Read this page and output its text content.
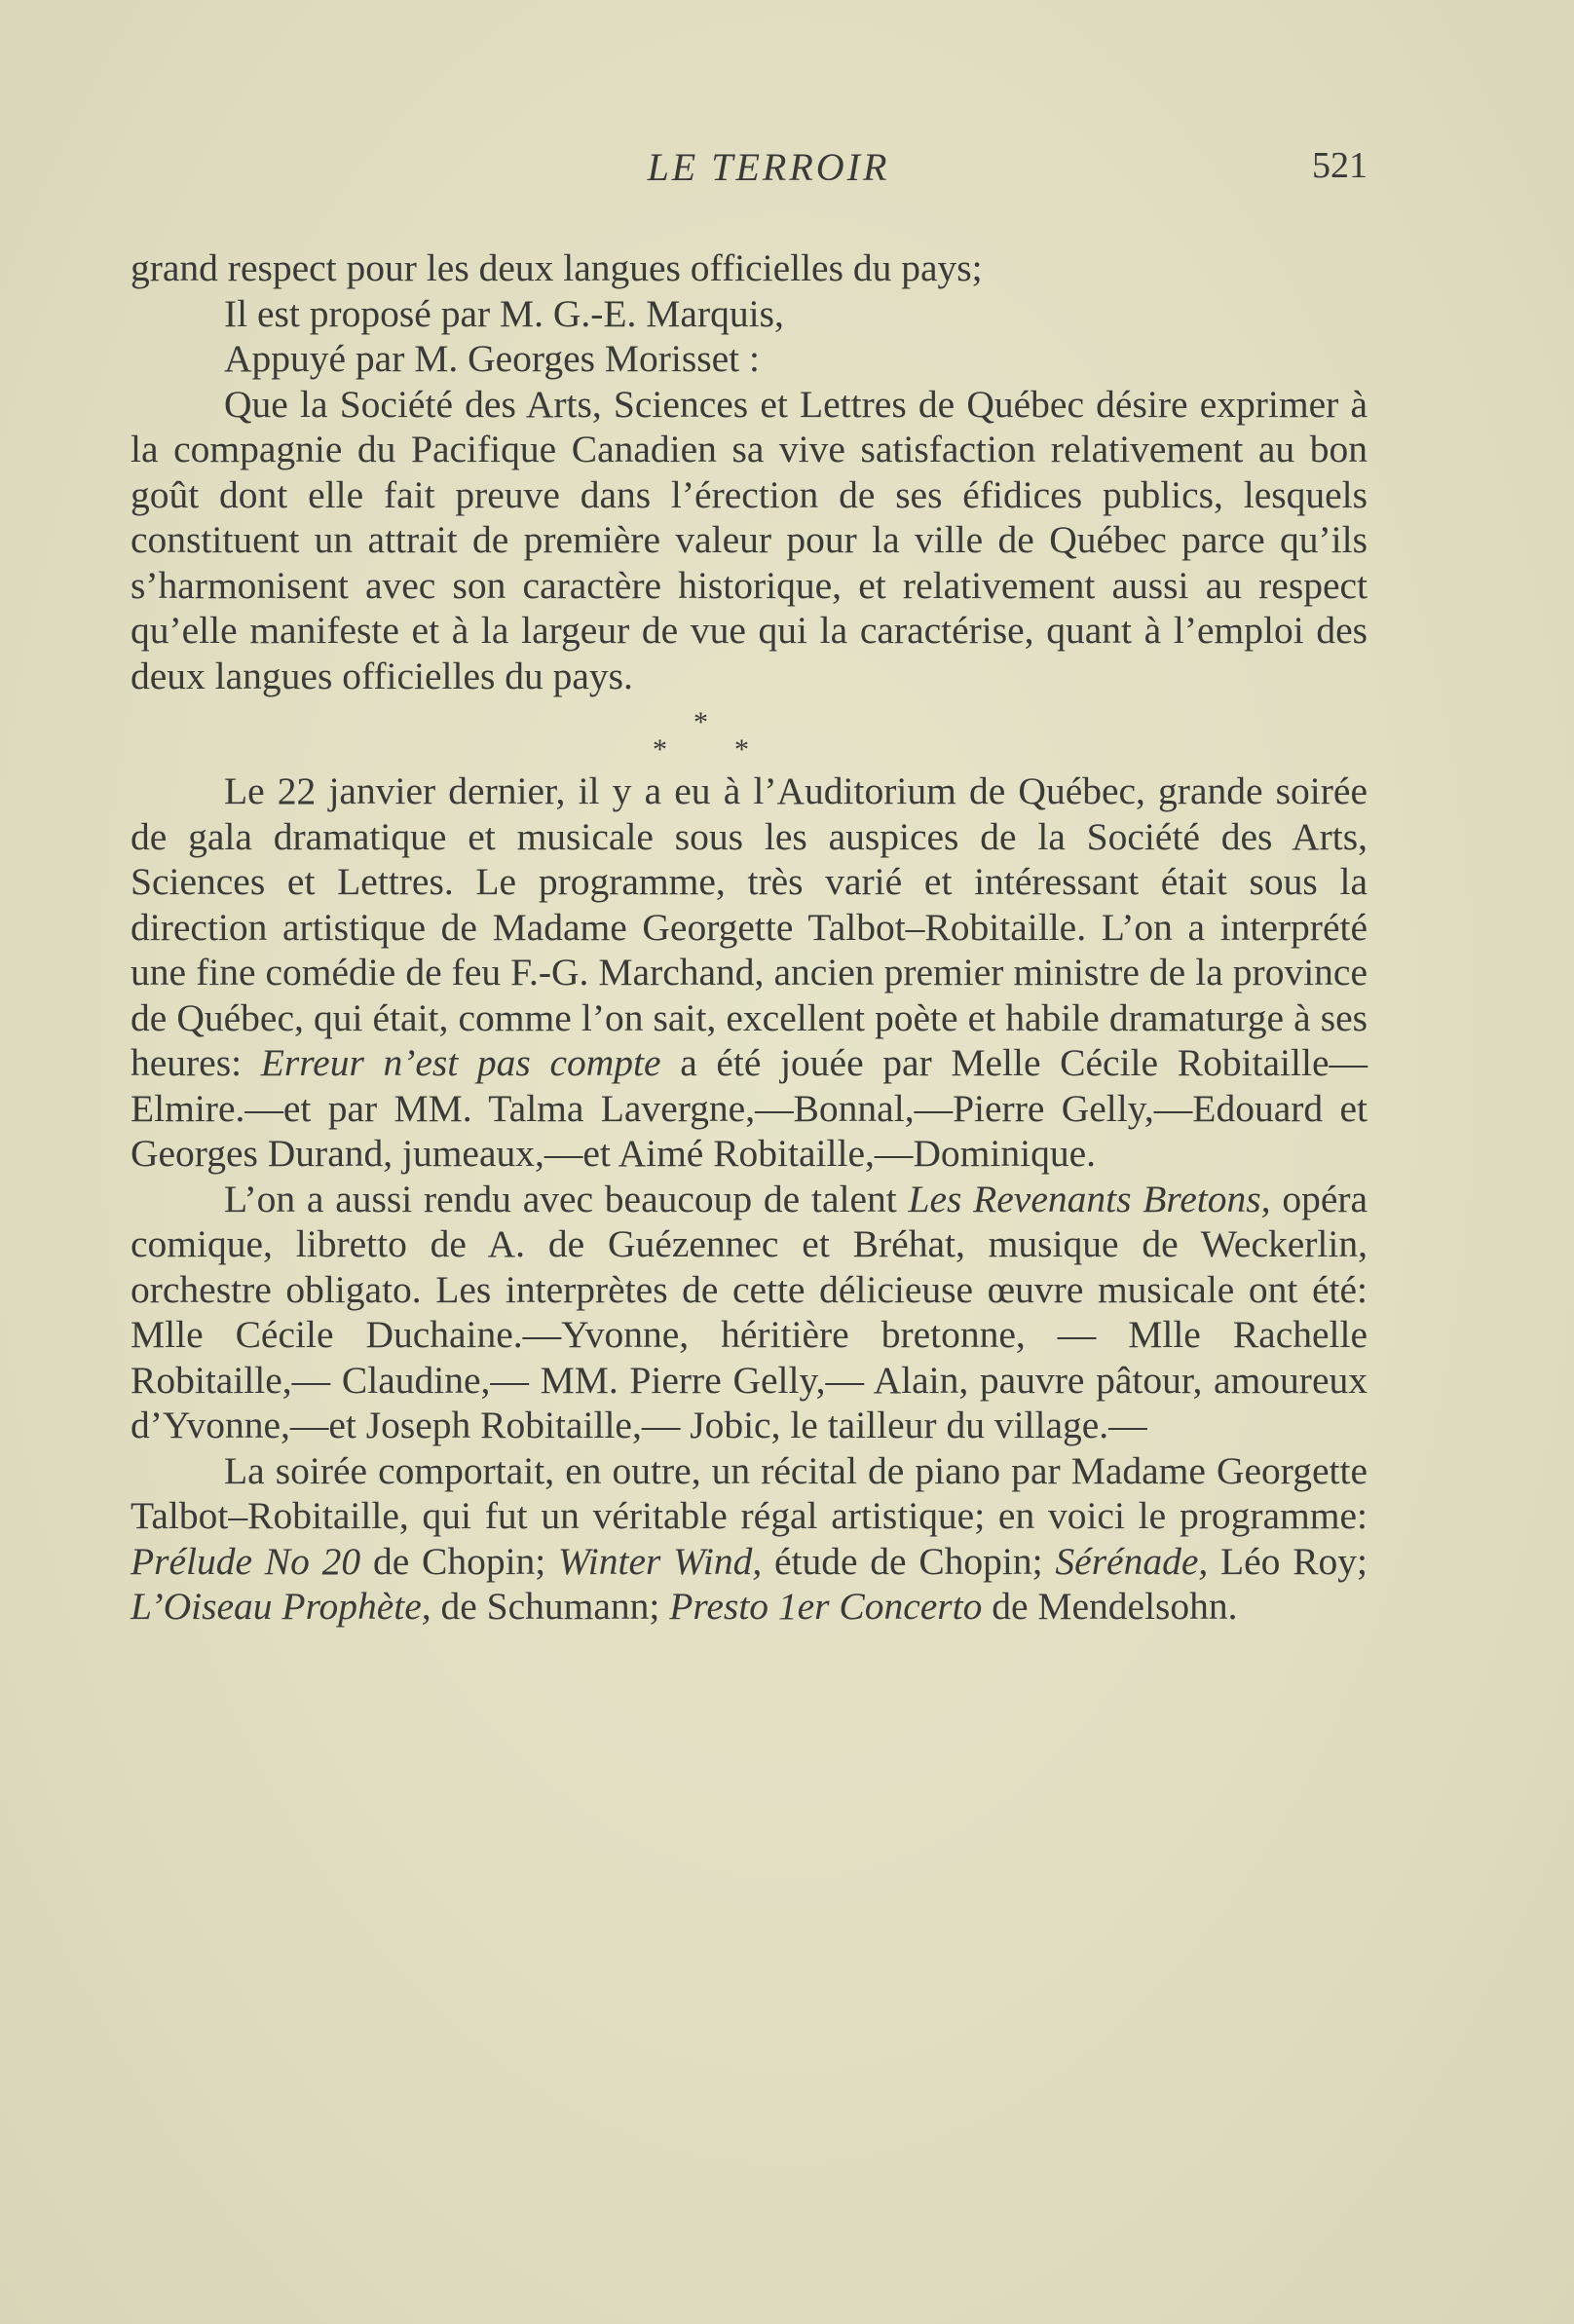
LE TERROIR	521

grand respect pour les deux langues officielles du pays;

Il est proposé par M. G.-E. Marquis,

Appuyé par M. Georges Morisset :

Que la Société des Arts, Sciences et Lettres de Québec désire exprimer à la compagnie du Pacifique Canadien sa vive satisfaction relativement au bon goût dont elle fait preuve dans l’érection de ses éfidices publics, lesquels constituent un attrait de première valeur pour la ville de Québec parce qu’ils s’harmonisent avec son caractère historique, et relativement aussi au respect qu’elle manifeste et à la largeur de vue qui la caractérise, quant à l’emploi des deux langues officielles du pays.

*
* *

Le 22 janvier dernier, il y a eu à l’Auditorium de Québec, grande soirée de gala dramatique et musicale sous les auspices de la Société des Arts, Sciences et Lettres. Le programme, très varié et intéressant était sous la direction artistique de Madame Georgette Talbot–Robitaille. L’on a interprété une fine comédie de feu F.-G. Marchand, ancien premier ministre de la province de Québec, qui était, comme l’on sait, excellent poète et habile dramaturge à ses heures: Erreur n’est pas compte a été jouée par Melle Cécile Robitaille—Elmire.—et par MM. Talma Lavergne,—Bonnal,—Pierre Gelly,—Edouard et Georges Durand, jumeaux,—et Aimé Robitaille,—Dominique.

L’on a aussi rendu avec beaucoup de talent Les Revenants Bretons, opéra comique, libretto de A. de Guézennec et Bréhat, musique de Weckerlin, orchestre obligato. Les interprètes de cette délicieuse œuvre musicale ont été: Mlle Cécile Duchaine.—Yvonne, héritière bretonne, — Mlle Rachelle Robitaille,— Claudine,— MM. Pierre Gelly,— Alain, pauvre pâtour, amoureux d’Yvonne,—et Joseph Robitaille,— Jobic, le tailleur du village.—

La soirée comportait, en outre, un récital de piano par Madame Georgette Talbot–Robitaille, qui fut un véritable régal artistique; en voici le programme: Prélude No 20 de Chopin; Winter Wind, étude de Chopin; Sérénade, Léo Roy; L’Oiseau Prophète, de Schumann; Presto 1er Concerto de Mendelsohn.
